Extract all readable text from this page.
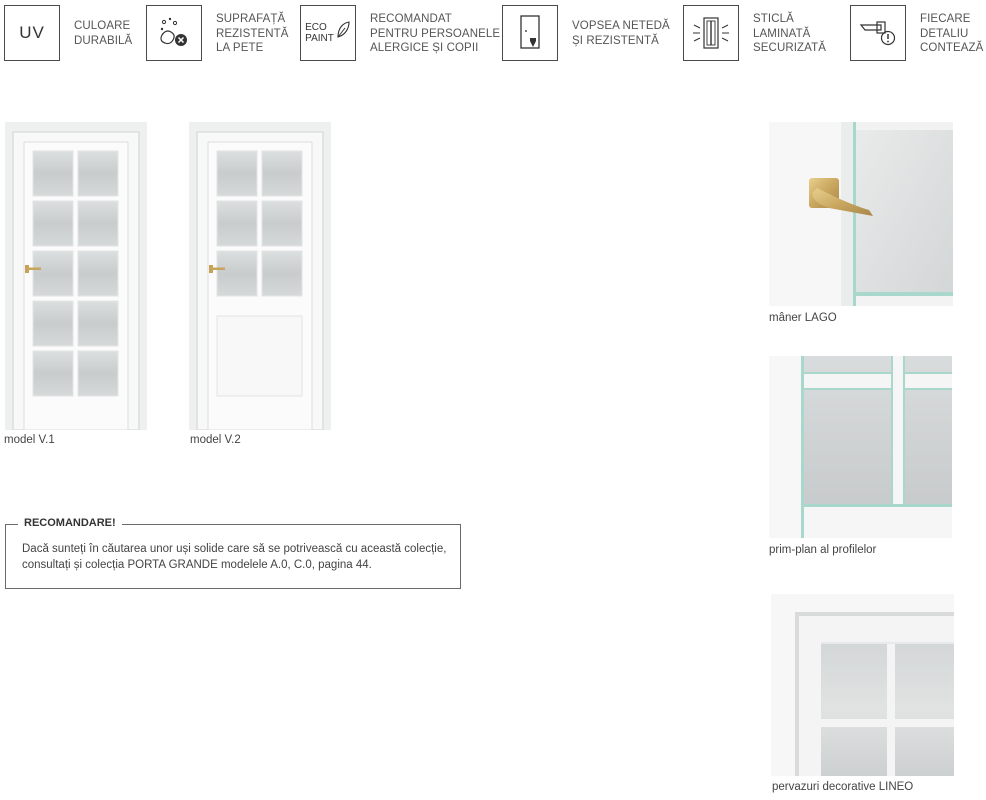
UV	CULOARE
DURABILĂ
SUPRAFAȚĂ
REZISTENTĂ
LA PETE
ECO
PAINT
RECOMANDAT
PENTRU PERSOANELE
ALERGICE ȘI COPII
VOPSEA NETEDĂ
ȘI REZISTENTĂ
STICLĂ
LAMINATĂ
SECURIZATĂ
FIECARE
DETALIU
CONTEAZĂ
model V.1	model V.2
RECOMANDARE!
Dacă sunteți în căutarea unor uși solide care să se potrivească cu această colecție,
consultați și colecția PORTA GRANDE modelele A.0, C.0, pagina 44.
mâner LAGO
prim-plan al profilelor
pervazuri decorative LINEO
